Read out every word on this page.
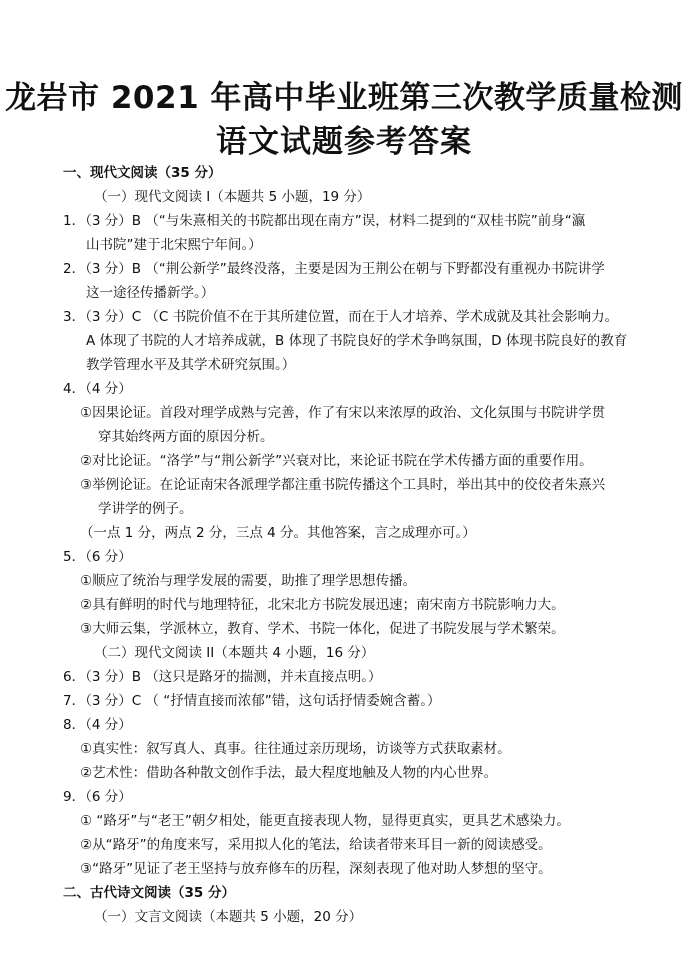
龙岩市 2021 年高中毕业班第三次教学质量检测
语文试题参考答案
一、现代文阅读（35 分）
（一）现代文阅读 I（本题共 5 小题，19 分）
1．（3 分）B （“与朱熹相关的书院都出现在南方”误，材料二提到的“双桂书院”前身“瀛
山书院”建于北宋熙宁年间。）
2．（3 分）B （“荆公新学”最终没落，主要是因为王荆公在朝与下野都没有重视办书院讲学
这一途径传播新学。）
3．（3 分）C （C 书院价值不在于其所建位置，而在于人才培养、学术成就及其社会影响力。
A 体现了书院的人才培养成就，B 体现了书院良好的学术争鸣氛围，D 体现书院良好的教育
教学管理水平及其学术研究氛围。）
4．（4 分）
①因果论证。首段对理学成熟与完善，作了有宋以来浓厚的政治、文化氛围与书院讲学贯
穿其始终两方面的原因分析。
②对比论证。“洛学”与“荆公新学”兴衰对比，来论证书院在学术传播方面的重要作用。
③举例论证。在论证南宋各派理学都注重书院传播这个工具时，举出其中的佼佼者朱熹兴
学讲学的例子。
（一点 1 分，两点 2 分，三点 4 分。其他答案，言之成理亦可。）
5．（6 分）
①顺应了统治与理学发展的需要，助推了理学思想传播。
②具有鲜明的时代与地理特征，北宋北方书院发展迅速；南宋南方书院影响力大。
③大师云集，学派林立，教育、学术、书院一体化，促进了书院发展与学术繁荣。
（二）现代文阅读 II（本题共 4 小题，16 分）
6．（3 分）B （这只是路牙的揣测，并未直接点明。）
7．（3 分）C （ “抒情直接而浓郁”错，这句话抒情委婉含蓄。）
8．（4 分）
①真实性：叙写真人、真事。往往通过亲历现场，访谈等方式获取素材。
②艺术性：借助各种散文创作手法，最大程度地触及人物的内心世界。
9．（6 分）
① “路牙”与“老王”朝夕相处，能更直接表现人物，显得更真实，更具艺术感染力。
②从“路牙”的角度来写，采用拟人化的笔法，给读者带来耳目一新的阅读感受。
③“路牙”见证了老王坚持与放弃修车的历程，深刻表现了他对助人梦想的坚守。
二、古代诗文阅读（35 分）
（一）文言文阅读（本题共 5 小题，20 分）
